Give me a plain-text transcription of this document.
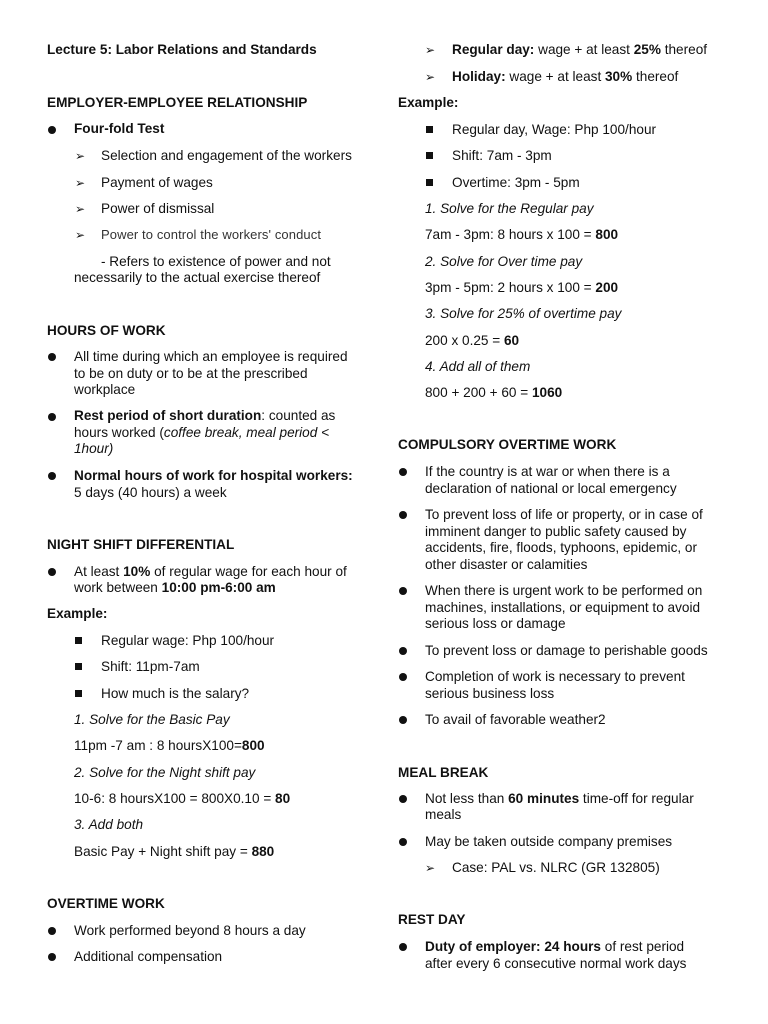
Lecture 5: Labor Relations and Standards
EMPLOYER-EMPLOYEE RELATIONSHIP
Four-fold Test
➢ Selection and engagement of the workers
➢ Payment of wages
➢ Power of dismissal
➢ Power to control the workers' conduct
- Refers to existence of power and not
necessarily to the actual exercise thereof
HOURS OF WORK
All time during which an employee is required
to be on duty or to be at the prescribed
workplace
Rest period of short duration: counted as
hours worked (coffee break, meal period <
1hour)
Normal hours of work for hospital workers:
5 days (40 hours) a week
NIGHT SHIFT DIFFERENTIAL
At least 10% of regular wage for each hour of
work between 10:00 pm-6:00 am
Example:
Regular wage: Php 100/hour
Shift: 11pm-7am
How much is the salary?
1. Solve for the Basic Pay
11pm -7 am : 8 hoursX100=800
2. Solve for the Night shift pay
10-6: 8 hoursX100 = 800X0.10 = 80
3. Add both
Basic Pay + Night shift pay = 880
OVERTIME WORK
Work performed beyond 8 hours a day
Additional compensation
➢ Regular day: wage + at least 25% thereof
➢ Holiday: wage + at least 30% thereof
Example:
Regular day, Wage: Php 100/hour
Shift: 7am - 3pm
Overtime: 3pm - 5pm
1. Solve for the Regular pay
7am - 3pm: 8 hours x 100 = 800
2. Solve for Over time pay
3pm - 5pm: 2 hours x 100 = 200
3. Solve for 25% of overtime pay
200 x 0.25 = 60
4. Add all of them
800 + 200 + 60 = 1060
COMPULSORY OVERTIME WORK
If the country is at war or when there is a
declaration of national or local emergency
To prevent loss of life or property, or in case of
imminent danger to public safety caused by
accidents, fire, floods, typhoons, epidemic, or
other disaster or calamities
When there is urgent work to be performed on
machines, installations, or equipment to avoid
serious loss or damage
To prevent loss or damage to perishable goods
Completion of work is necessary to prevent
serious business loss
To avail of favorable weather2
MEAL BREAK
Not less than 60 minutes time-off for regular
meals
May be taken outside company premises
➢ Case: PAL vs. NLRC (GR 132805)
REST DAY
Duty of employer: 24 hours of rest period
after every 6 consecutive normal work days
